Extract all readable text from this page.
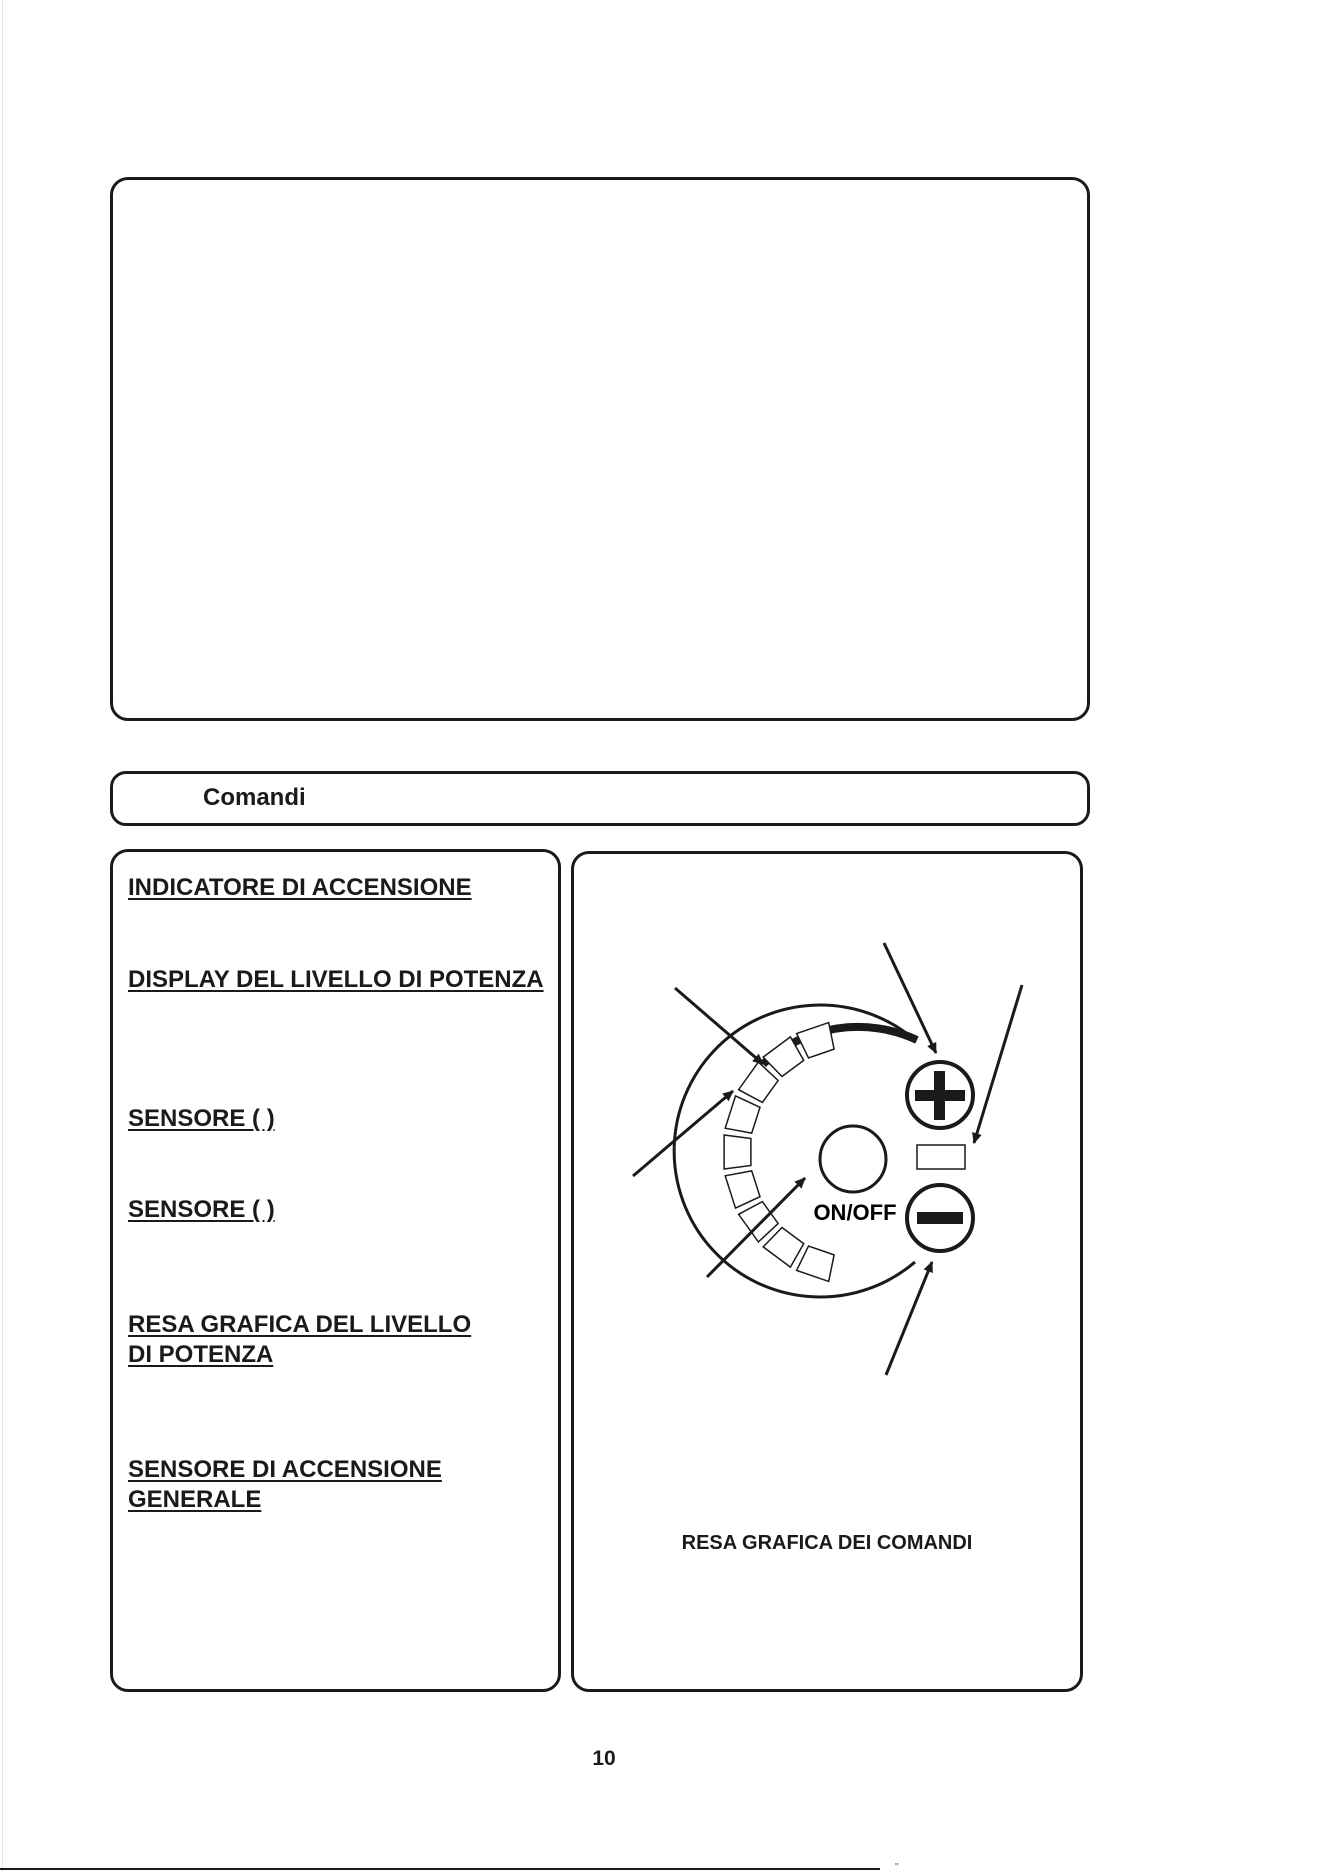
Comandi
INDICATORE DI ACCENSIONE
DISPLAY DEL LIVELLO DI POTENZA
SENSORE ( )
SENSORE ( )
RESA GRAFICA DEL LIVELLO
DI POTENZA
SENSORE DI ACCENSIONE
GENERALE
RESA GRAFICA DEI COMANDI
ON/OFF
10
"
